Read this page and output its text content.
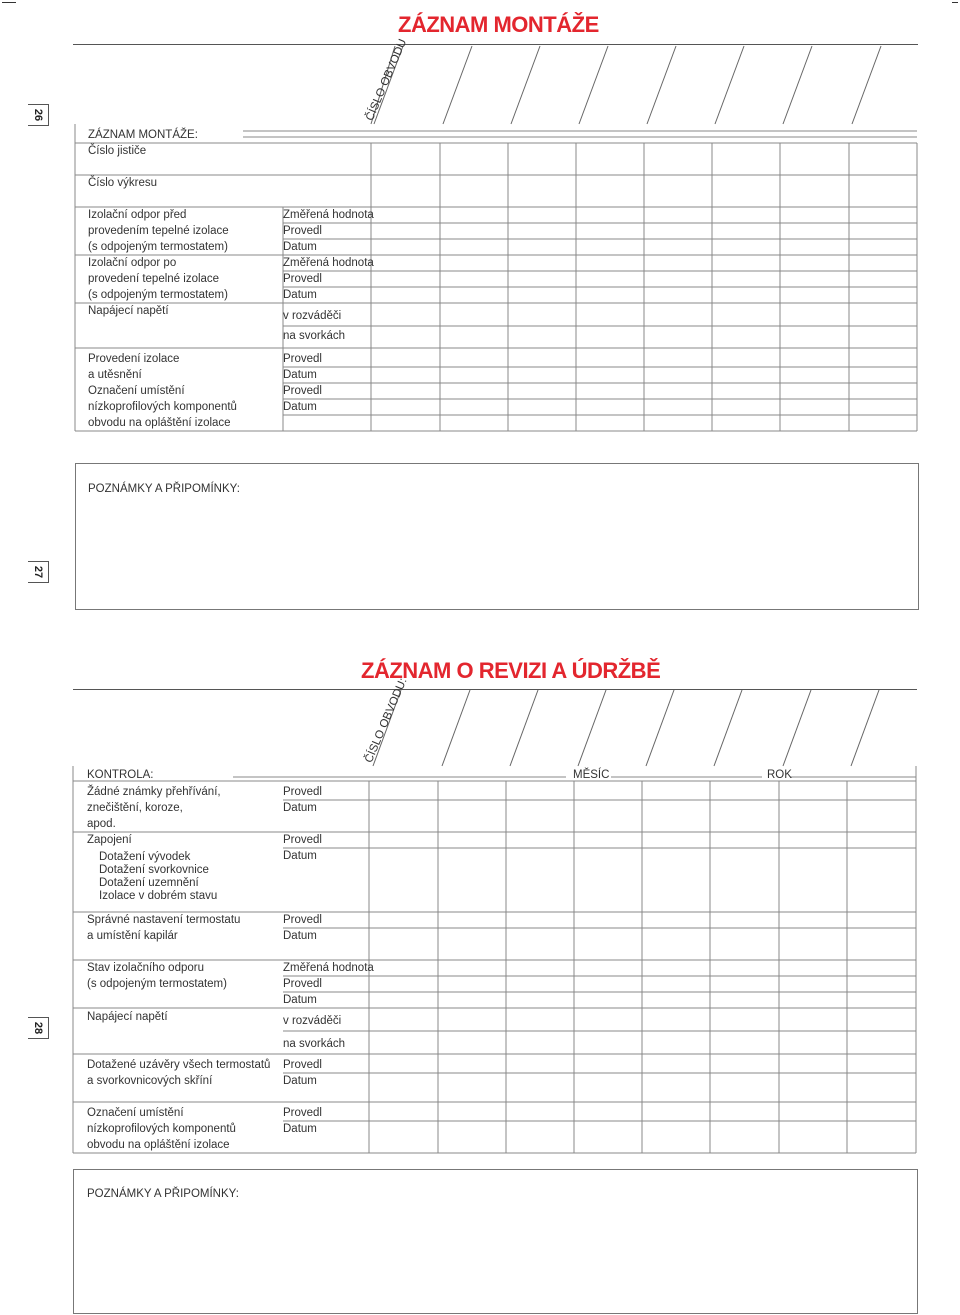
26
27
28
ZÁZNAM MONTÁŽE
ČÍSLO OBVODU
ZÁZNAM MONTÁŽE:
Číslo jističe
Číslo výkresu
Izolační odpor před
provedením tepelné izolace
(s odpojeným termostatem)
Izolační odpor po
provedení tepelné izolace
(s odpojeným termostatem)
Napájecí napětí
Provedení izolace
a utěsnění
Označení umístění
nízkoprofilových komponentů
obvodu na opláštění izolace
Změřená hodnota
Provedl
Datum
Změřená hodnota
Provedl
Datum
v rozváděči
na svorkách
Provedl
Datum
Provedl
Datum
POZNÁMKY A PŘIPOMÍNKY:
ZÁZNAM O REVIZI A ÚDRŽBĚ
ČÍSLO OBVODU:
KONTROLA:	MĚSÍC	ROK
Žádné známky přehřívání,
znečištění, koroze,
apod.
Zapojení
Dotažení vývodek
Dotažení svorkovnice
Dotažení uzemnění
Izolace v dobrém stavu
Správné nastavení termostatu
a umístění kapilár
Stav izolačního odporu
(s odpojeným termostatem)
Napájecí napětí
Dotažené uzávěry všech termostatů
a svorkovnicových skříní
Označení umístění
nízkoprofilových komponentů
obvodu na opláštění izolace
Provedl
Datum
Provedl
Datum
Provedl
Datum
Změřená hodnota
Provedl
Datum
v rozváděči
na svorkách
Provedl
Datum
Provedl
Datum
POZNÁMKY A PŘIPOMÍNKY:
